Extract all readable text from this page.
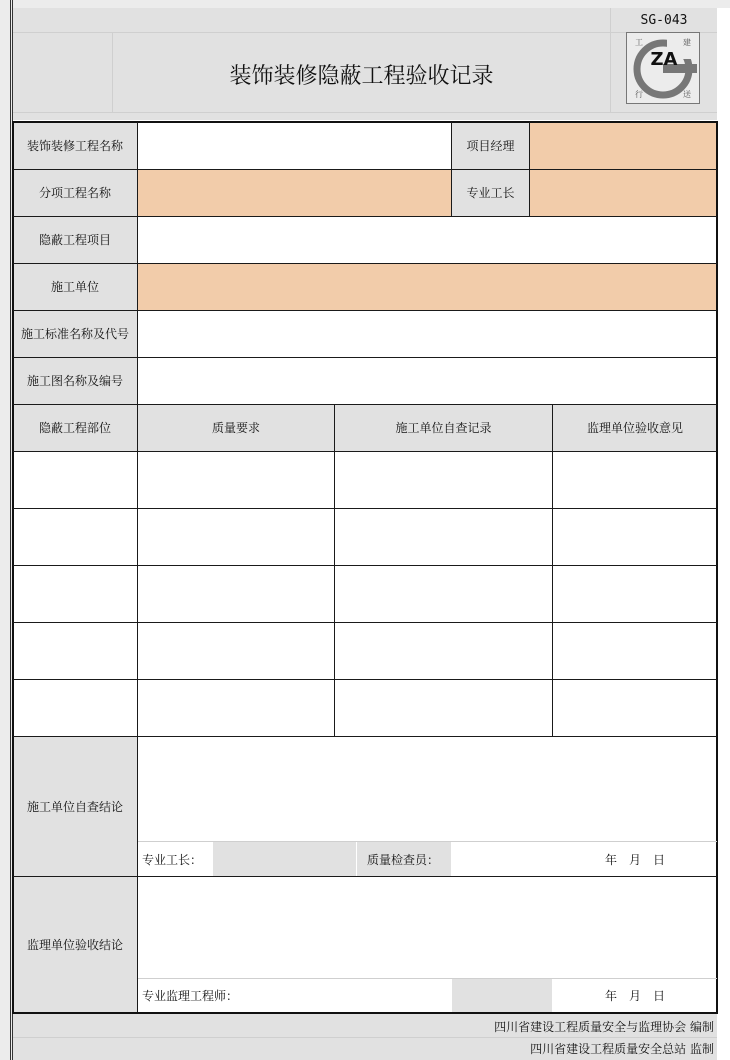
SG-043
装饰装修隐蔽工程验收记录
ZA
工	建
行	送
装饰装修工程名称	项目经理
分项工程名称	专业工长
隐蔽工程项目
施工单位
施工标准名称及代号
施工图名称及编号
隐蔽工程部位	质量要求	施工单位自查记录	监理单位验收意见
施工单位自查结论
专业工长：	质量检查员：	年　月　日
监理单位验收结论
专业监理工程师：	年　月　日
四川省建设工程质量安全与监理协会 编制
四川省建设工程质量安全总站 监制
